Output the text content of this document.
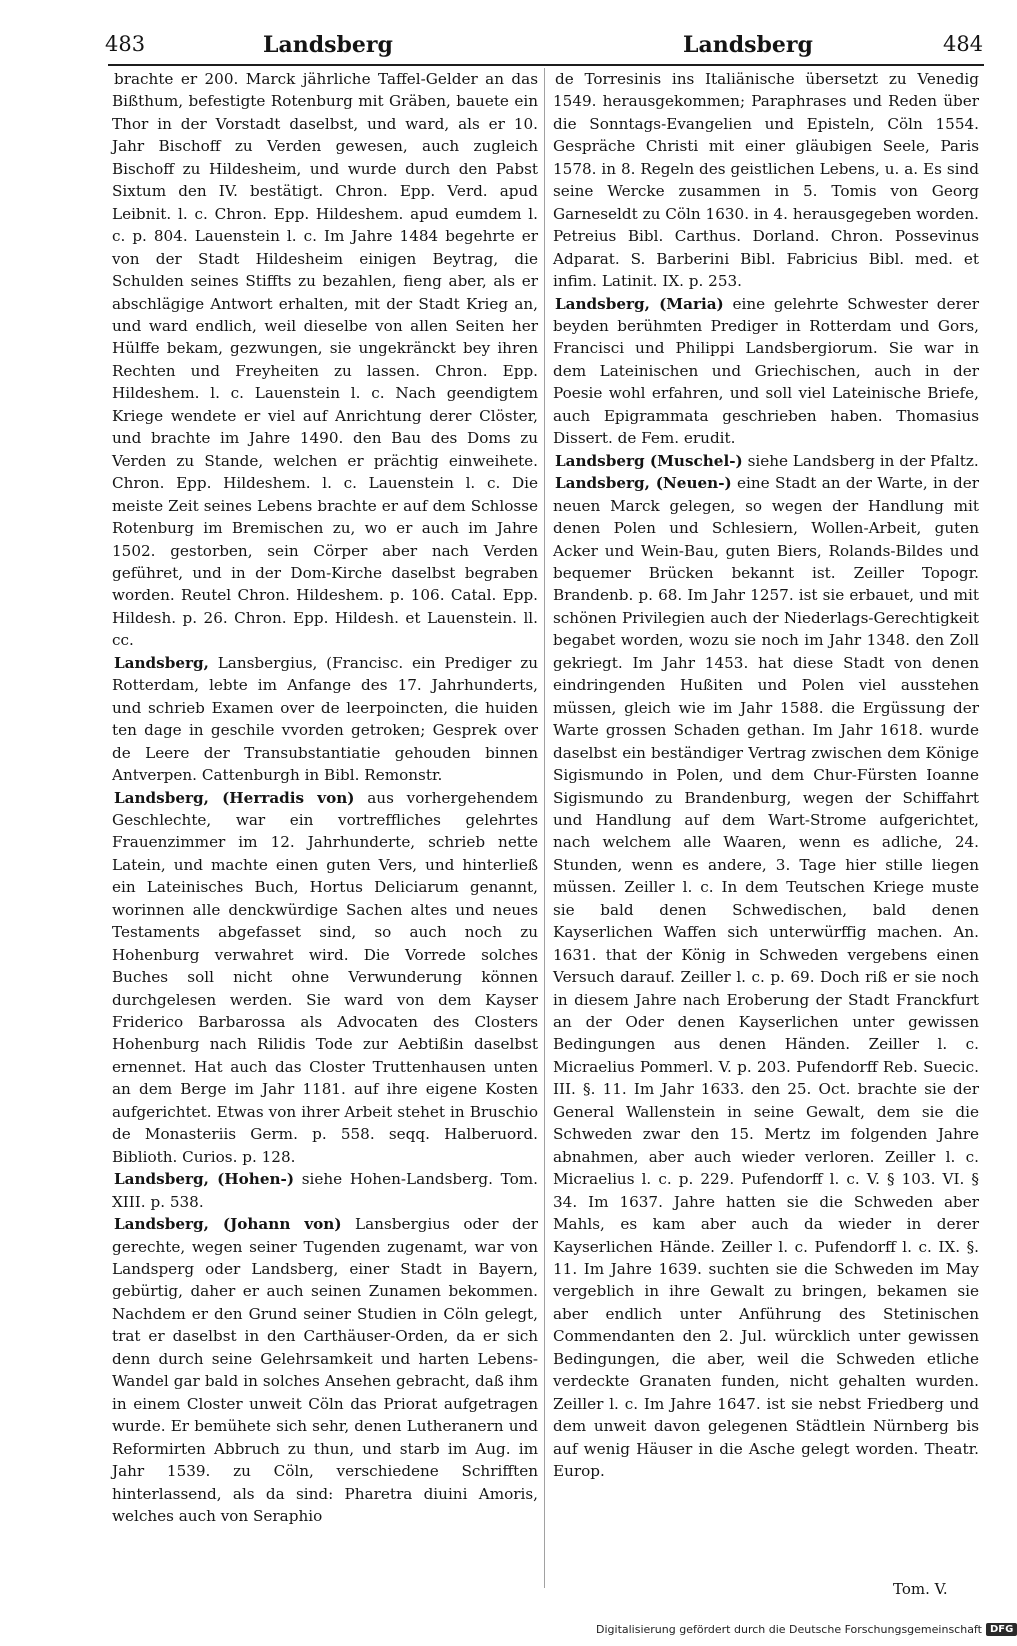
483	Landsberg	Landsberg	484

brachte er 200. Marck jährliche Taffel-Gelder an das Bißthum, befestigte Rotenburg mit Gräben, bauete ein Thor in der Vorstadt daselbst, und ward, als er 10. Jahr Bischoff zu Verden gewesen, auch zugleich Bischoff zu Hildesheim, und wurde durch den Pabst Sixtum den IV. bestätigt. Chron. Epp. Verd. apud Leibnit. l. c. Chron. Epp. Hildeshem. apud eumdem l. c. p. 804. Lauenstein l. c. Im Jahre 1484 begehrte er von der Stadt Hildesheim einigen Beytrag, die Schulden seines Stiffts zu bezahlen, fieng aber, als er abschlägige Antwort erhalten, mit der Stadt Krieg an, und ward endlich, weil dieselbe von allen Seiten her Hülffe bekam, gezwungen, sie ungekränckt bey ihren Rechten und Freyheiten zu lassen. Chron. Epp. Hildeshem. l. c. Lauenstein l. c. Nach geendigtem Kriege wendete er viel auf Anrichtung derer Clöster, und brachte im Jahre 1490. den Bau des Doms zu Verden zu Stande, welchen er prächtig einweihete. Chron. Epp. Hildeshem. l. c. Lauenstein l. c. Die meiste Zeit seines Lebens brachte er auf dem Schlosse Rotenburg im Bremischen zu, wo er auch im Jahre 1502. gestorben, sein Cörper aber nach Verden geführet, und in der Dom-Kirche daselbst begraben worden. Reutel Chron. Hildeshem. p. 106. Catal. Epp. Hildesh. p. 26. Chron. Epp. Hildesh. et Lauenstein. ll. cc.

Landsberg, Lansbergius, (Francisc. ein Prediger zu Rotterdam, lebte im Anfange des 17. Jahrhunderts, und schrieb Examen over de leerpoincten, die huiden ten dage in geschile vvorden getroken; Gesprek over de Leere der Transubstantiatie gehouden binnen Antverpen. Cattenburgh in Bibl. Remonstr.

Landsberg, (Herradis von) aus vorhergehendem Geschlechte, war ein vortreffliches gelehrtes Frauenzimmer im 12. Jahrhunderte, schrieb nette Latein, und machte einen guten Vers, und hinterließ ein Lateinisches Buch, Hortus Deliciarum genannt, worinnen alle denckwürdige Sachen altes und neues Testaments abgefasset sind, so auch noch zu Hohenburg verwahret wird. Die Vorrede solches Buches soll nicht ohne Verwunderung können durchgelesen werden. Sie ward von dem Kayser Friderico Barbarossa als Advocaten des Closters Hohenburg nach Rilidis Tode zur Aebtißin daselbst ernennet. Hat auch das Closter Truttenhausen unten an dem Berge im Jahr 1181. auf ihre eigene Kosten aufgerichtet. Etwas von ihrer Arbeit stehet in Bruschio de Monasteriis Germ. p. 558. seqq. Halberuord. Biblioth. Curios. p. 128.

Landsberg, (Hohen-) siehe Hohen-Landsberg. Tom. XIII. p. 538.

Landsberg, (Johann von) Lansbergius oder der gerechte, wegen seiner Tugenden zugenamt, war von Landsperg oder Landsberg, einer Stadt in Bayern, gebürtig, daher er auch seinen Zunamen bekommen. Nachdem er den Grund seiner Studien in Cöln gelegt, trat er daselbst in den Carthäuser-Orden, da er sich denn durch seine Gelehrsamkeit und harten Lebens-Wandel gar bald in solches Ansehen gebracht, daß ihm in einem Closter unweit Cöln das Priorat aufgetragen wurde. Er bemühete sich sehr, denen Lutheranern und Reformirten Abbruch zu thun, und starb im Aug. im Jahr 1539. zu Cöln, verschiedene Schrifften hinterlassend, als da sind: Pharetra diuini Amoris, welches auch von Seraphio

de Torresinis ins Italiänische übersetzt zu Venedig 1549. herausgekommen; Paraphrases und Reden über die Sonntags-Evangelien und Episteln, Cöln 1554. Gespräche Christi mit einer gläubigen Seele, Paris 1578. in 8. Regeln des geistlichen Lebens, u. a. Es sind seine Wercke zusammen in 5. Tomis von Georg Garneseldt zu Cöln 1630. in 4. herausgegeben worden. Petreius Bibl. Carthus. Dorland. Chron. Possevinus Adparat. S. Barberini Bibl. Fabricius Bibl. med. et infim. Latinit. IX. p. 253.

Landsberg, (Maria) eine gelehrte Schwester derer beyden berühmten Prediger in Rotterdam und Gors, Francisci und Philippi Landsbergiorum. Sie war in dem Lateinischen und Griechischen, auch in der Poesie wohl erfahren, und soll viel Lateinische Briefe, auch Epigrammata geschrieben haben. Thomasius Dissert. de Fem. erudit.

Landsberg (Muschel-) siehe Landsberg in der Pfaltz.

Landsberg, (Neuen-) eine Stadt an der Warte, in der neuen Marck gelegen, so wegen der Handlung mit denen Polen und Schlesiern, Wollen-Arbeit, guten Acker und Wein-Bau, guten Biers, Rolands-Bildes und bequemer Brücken bekannt ist. Zeiller Topogr. Brandenb. p. 68. Im Jahr 1257. ist sie erbauet, und mit schönen Privilegien auch der Niederlags-Gerechtigkeit begabet worden, wozu sie noch im Jahr 1348. den Zoll gekriegt. Im Jahr 1453. hat diese Stadt von denen eindringenden Hußiten und Polen viel ausstehen müssen, gleich wie im Jahr 1588. die Ergüssung der Warte grossen Schaden gethan. Im Jahr 1618. wurde daselbst ein beständiger Vertrag zwischen dem Könige Sigismundo in Polen, und dem Chur-Fürsten Ioanne Sigismundo zu Brandenburg, wegen der Schiffahrt und Handlung auf dem Wart-Strome aufgerichtet, nach welchem alle Waaren, wenn es adliche, 24. Stunden, wenn es andere, 3. Tage hier stille liegen müssen. Zeiller l. c. In dem Teutschen Kriege muste sie bald denen Schwedischen, bald denen Kayserlichen Waffen sich unterwürffig machen. An. 1631. that der König in Schweden vergebens einen Versuch darauf. Zeiller l. c. p. 69. Doch riß er sie noch in diesem Jahre nach Eroberung der Stadt Franckfurt an der Oder denen Kayserlichen unter gewissen Bedingungen aus denen Händen. Zeiller l. c. Micraelius Pommerl. V. p. 203. Pufendorff Reb. Suecic. III. §. 11. Im Jahr 1633. den 25. Oct. brachte sie der General Wallenstein in seine Gewalt, dem sie die Schweden zwar den 15. Mertz im folgenden Jahre abnahmen, aber auch wieder verloren. Zeiller l. c. Micraelius l. c. p. 229. Pufendorff l. c. V. § 103. VI. § 34. Im 1637. Jahre hatten sie die Schweden aber Mahls, es kam aber auch da wieder in derer Kayserlichen Hände. Zeiller l. c. Pufendorff l. c. IX. §. 11. Im Jahre 1639. suchten sie die Schweden im May vergeblich in ihre Gewalt zu bringen, bekamen sie aber endlich unter Anführung des Stetinischen Commendanten den 2. Jul. würcklich unter gewissen Bedingungen, die aber, weil die Schweden etliche verdeckte Granaten funden, nicht gehalten wurden. Zeiller l. c. Im Jahre 1647. ist sie nebst Friedberg und dem unweit davon gelegenen Städtlein Nürnberg bis auf wenig Häuser in die Asche gelegt worden. Theatr. Europ.

Tom. V.
Digitalisierung gefördert durch die Deutsche Forschungsgemeinschaft DFG
